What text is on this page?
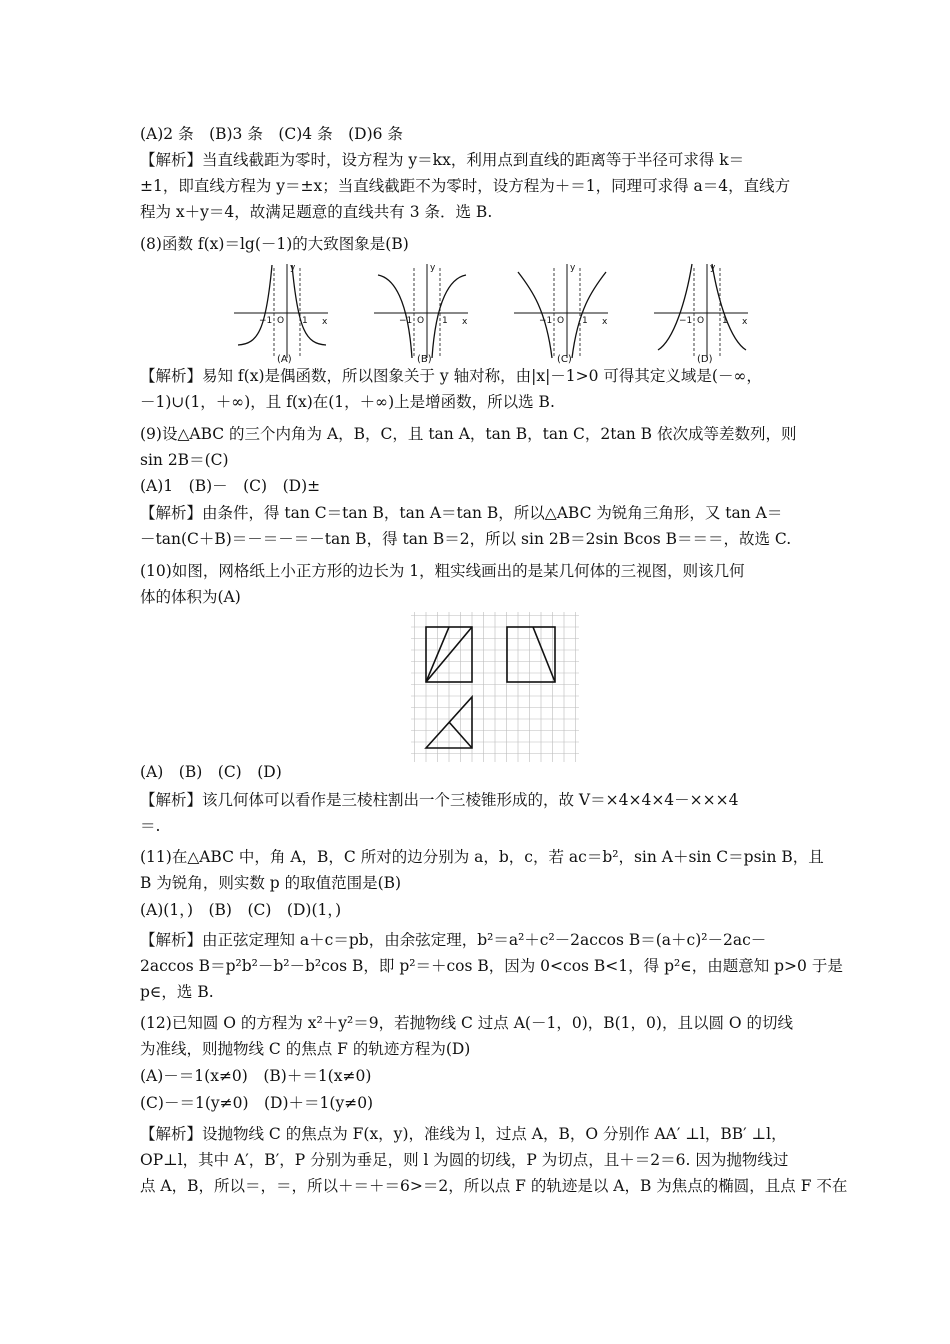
(A)2 条　(B)3 条　(C)4 条　(D)6 条
【解析】当直线截距为零时，设方程为 y＝kx，利用点到直线的距离等于半径可求得 k＝
±1，即直线方程为 y＝±x；当直线截距不为零时，设方程为＋＝1，同理可求得 a＝4，直线方
程为 x＋y＝4，故满足题意的直线共有 3 条．选 B.
(8)函数 f(x)＝lg(－1)的大致图象是(B)
y
x
−1 O 1
y
x
−1 O 1
y
x
−1 O 1
y
x
−1 O 1
(A)	(B)	(C)	(D)
【解析】易知 f(x)是偶函数，所以图象关于 y 轴对称，由|x|－1>0 可得其定义域是(－∞，
－1)∪(1，＋∞)，且 f(x)在(1，＋∞)上是增函数，所以选 B.
(9)设△ABC 的三个内角为 A，B，C，且 tan A，tan B，tan C，2tan B 依次成等差数列，则
sin 2B＝(C)
(A)1　(B)－　(C)　(D)±
【解析】由条件，得 tan C＝tan B，tan A＝tan B，所以△ABC 为锐角三角形，又 tan A＝
－tan(C＋B)＝－＝－＝－tan B，得 tan B＝2，所以 sin 2B＝2sin Bcos B＝＝＝，故选 C.
(10)如图，网格纸上小正方形的边长为 1，粗实线画出的是某几何体的三视图，则该几何
体的体积为(A)
(A)　(B)　(C)　(D)
【解析】该几何体可以看作是三棱柱割出一个三棱锥形成的，故 V＝×4×4×4－×××4
＝.
(11)在△ABC 中，角 A，B，C 所对的边分别为 a，b，c，若 ac＝b²，sin A＋sin C＝psin B，且
B 为锐角，则实数 p 的取值范围是(B)
(A)(1，)　(B)　(C)　(D)(1，)
【解析】由正弦定理知 a＋c＝pb，由余弦定理，b²＝a²＋c²－2accos B＝(a＋c)²－2ac－
2accos B＝p²b²－b²－b²cos B，即 p²＝＋cos B，因为 0<cos B<1，得 p²∈，由题意知 p>0 于是
p∈，选 B.
(12)已知圆 O 的方程为 x²＋y²＝9，若抛物线 C 过点 A(－1，0)，B(1，0)，且以圆 O 的切线
为准线，则抛物线 C 的焦点 F 的轨迹方程为(D)
(A)－＝1(x≠0)　(B)＋＝1(x≠0)
(C)－＝1(y≠0)　(D)＋＝1(y≠0)
【解析】设抛物线 C 的焦点为 F(x，y)，准线为 l，过点 A，B，O 分别作 AA′ ⊥l，BB′ ⊥l，
OP⊥l，其中 A′，B′，P 分别为垂足，则 l 为圆的切线，P 为切点，且＋＝2＝6. 因为抛物线过
点 A，B，所以＝，＝，所以＋＝＋＝6>＝2，所以点 F 的轨迹是以 A，B 为焦点的椭圆，且点 F 不在
